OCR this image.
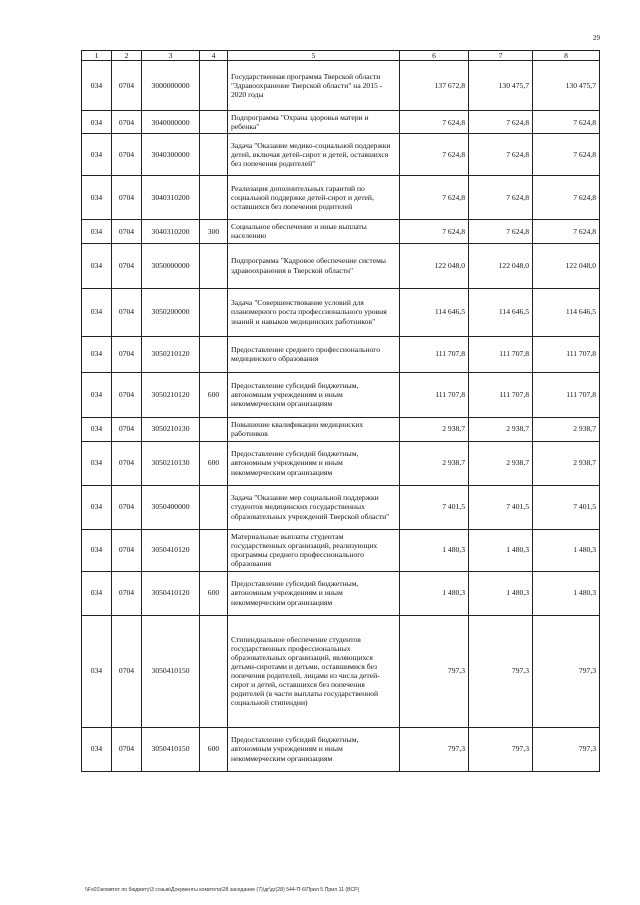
29
1	2	3	4	5	6	7	8
034	0704	3000000000		Государственная программа Тверской области "Здравоохранение Тверской области" на 2015 - 2020 годы	137 672,8	130 475,7	130 475,7
034	0704	3040000000		Подпрограмма "Охрана здоровья матери и ребенка"	7 624,8	7 624,8	7 624,8
034	0704	3040300000		Задача "Оказание медико-социальной поддержки детей, включая детей-сирот и детей, оставшихся без попечения родителей"	7 624,8	7 624,8	7 624,8
034	0704	3040310200		Реализация дополнительных гарантий по социальной поддержке детей-сирот и детей, оставшихся без попечения родителей	7 624,8	7 624,8	7 624,8
034	0704	3040310200	300	Социальное обеспечение и иные выплаты населению	7 624,8	7 624,8	7 624,8
034	0704	3050000000		Подпрограмма "Кадровое обеспечение системы здравоохранения в Тверской области"	122 048,0	122 048,0	122 048,0
034	0704	3050200000		Задача "Совершенствование условий для планомерного роста профессионального уровня знаний и навыков медицинских работников"	114 646,5	114 646,5	114 646,5
034	0704	3050210120		Предоставление среднего профессионального медицинского образования	111 707,8	111 707,8	111 707,8
034	0704	3050210120	600	Предоставление субсидий бюджетным, автономным учреждениям и иным некоммерческим организациям	111 707,8	111 707,8	111 707,8
034	0704	3050210130		Повышение квалификации медицинских работников	2 938,7	2 938,7	2 938,7
034	0704	3050210130	600	Предоставление субсидий бюджетным, автономным учреждениям и иным некоммерческим организациям	2 938,7	2 938,7	2 938,7
034	0704	3050400000		Задача "Оказание мер социальной поддержки студентов медицинских государственных образовательных учреждений Тверской области"	7 401,5	7 401,5	7 401,5
034	0704	3050410120		Материальные выплаты студентам государственных организаций, реализующих программы среднего профессионального образования	1 480,3	1 480,3	1 480,3
034	0704	3050410120	600	Предоставление субсидий бюджетным, автономным учреждениям и иным некоммерческим организациям	1 480,3	1 480,3	1 480,3
034	0704	3050410150		Стипендиальное обеспечение студентов государственных профессиональных образовательных организаций, являющихся детьми-сиротами и детьми, оставшимися без попечения родителей, лицами из числа детей-сирот и детей, оставшихся без попечения родителей (в части выплаты государственной социальной стипендии)	797,3	797,3	797,3
034	0704	3050410150	600	Предоставление субсидий бюджетным, автономным учреждениям и иным некоммерческим организациям	797,3	797,3	797,3
\\Fs01\комитет по бюджету\3 созыв\Документы комитета\28 заседание (7)\дг\дг(28) 544-П-6\Прил 5 Прил 11 (ВСР)
